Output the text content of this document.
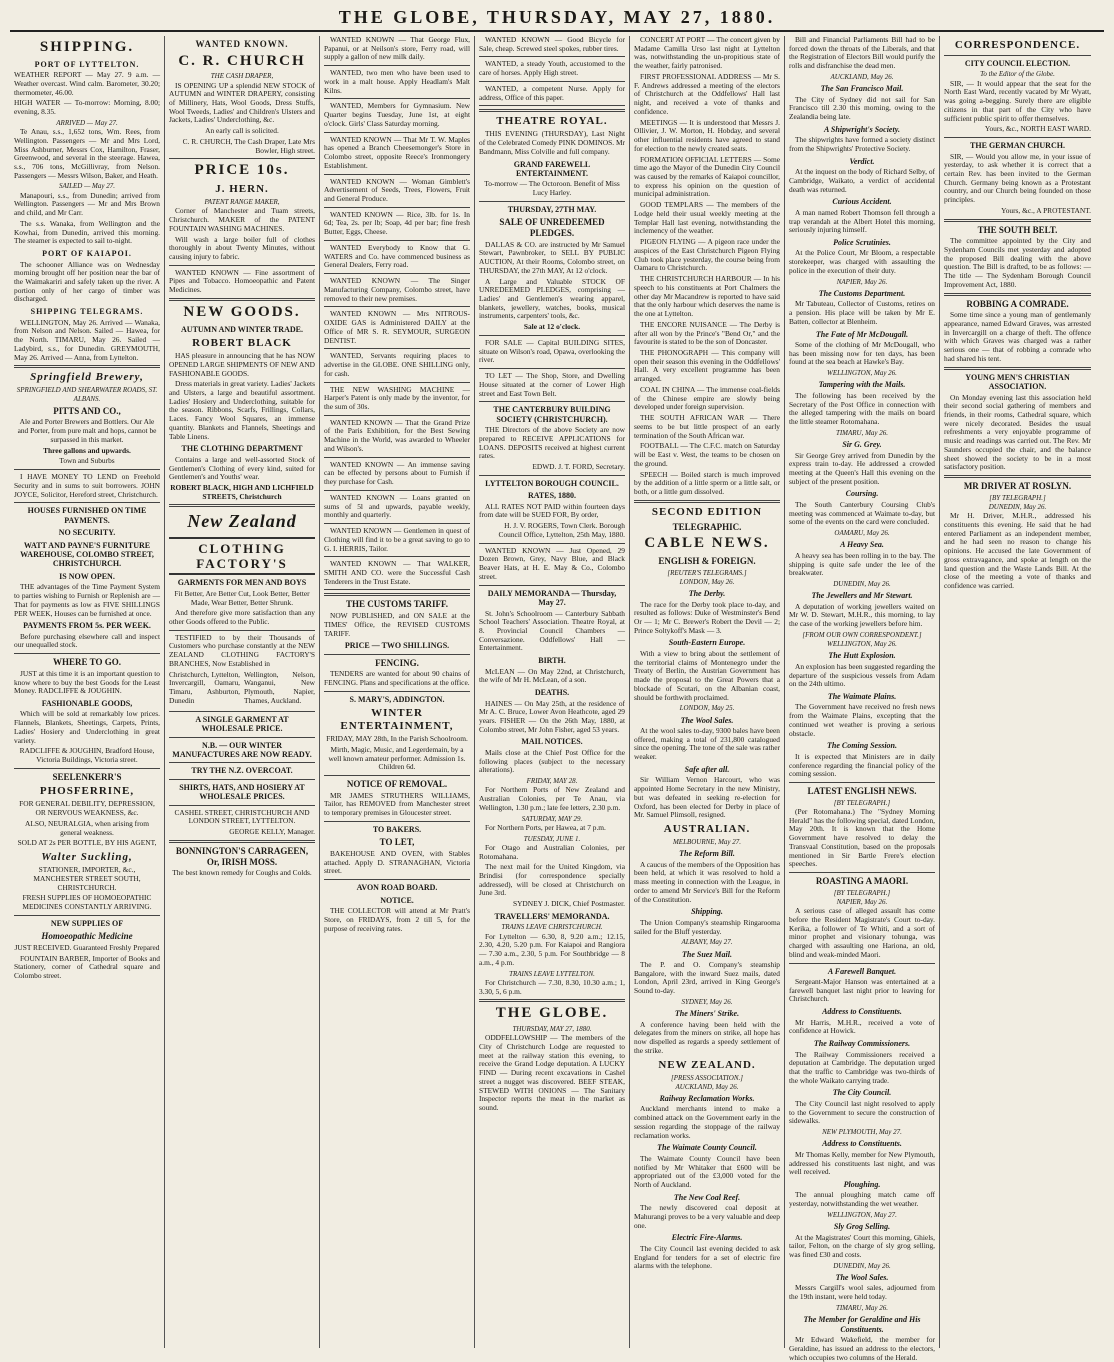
THE GLOBE, THURSDAY, MAY 27, 1880.
SHIPPING.
PORT OF LYTTELTON.

WEATHER REPORT — May 27. 9 a.m. — Weather overcast. Wind calm. Barometer, 30.20; thermometer, 46.00.

HIGH WATER — To-morrow: Morning, 8.00; evening, 8.35.

ARRIVED — May 27.

Te Anau, s.s., 1,652 tons, Wm. Rees, from Wellington. Passengers — Mr and Mrs Lord, Miss Ashburner, Messrs Cox, Hamilton, Fraser, Greenwood, and several in the steerage. Hawea, s.s., 706 tons, McGillivray, from Nelson. Passengers — Messrs Wilson, Baker, and Heath.

SAILED — May 27.

Manapouri, s.s., from Dunedin; arrived from Wellington. Passengers — Mr and Mrs Brown and child, and Mr Carr.

The s.s. Wanaka, from Wellington and the Kowhai, from Dunedin, arrived this morning. The steamer is expected to sail to-night.

PORT OF KAIAPOI.

The schooner Alliance was on Wednesday morning brought off her position near the bar of the Waimakariri and safely taken up the river. A portion only of her cargo of timber was discharged.

SHIPPING TELEGRAMS.

WELLINGTON, May 26. Arrived — Wanaka, from Nelson and Nelson. Sailed — Hawea, for the North. TIMARU, May 26. Sailed — Ladybird, s.s., for Dunedin. GREYMOUTH, May 26. Arrived — Anna, from Lyttelton.

Springfield Brewery,
SPRINGFIELD AND SHEARWATER ROADS, ST. ALBANS.
PITTS AND CO.,

Ale and Porter Brewers and Bottlers. Our Ale and Porter, from pure malt and hops, cannot be surpassed in this market.

Three gallons and upwards.

Town and Suburbs

I HAVE MONEY TO LEND on Freehold Security and in sums to suit borrowers. JOHN JOYCE, Solicitor, Hereford street, Christchurch.

HOUSES FURNISHED ON TIME PAYMENTS.
NO SECURITY.
WATT AND PAYNE'S FURNITURE WAREHOUSE, COLOMBO STREET, CHRISTCHURCH.
IS NOW OPEN.

THE advantages of the Time Payment System to parties wishing to Furnish or Replenish are — That for payments as low as FIVE SHILLINGS PER WEEK, Houses can be furnished at once.

PAYMENTS FROM 5s. PER WEEK.

Before purchasing elsewhere call and inspect our unequalled stock.

WHERE TO GO.

JUST at this time it is an important question to know where to buy the best Goods for the Least Money. RADCLIFFE & JOUGHIN.

FASHIONABLE GOODS,

Which will be sold at remarkably low prices. Flannels, Blankets, Sheetings, Carpets, Prints, Ladies' Hosiery and Underclothing in great variety.

RADCLIFFE & JOUGHIN, Bradford House, Victoria Buildings, Victoria street.

SEELENKERR'S
PHOSFERRINE,

FOR GENERAL DEBILITY, DEPRESSION, OR NERVOUS WEAKNESS, &c.

ALSO, NEURALGIA, when arising from general weakness.

SOLD AT 2s PER BOTTLE, BY HIS AGENT,

Walter Suckling,

STATIONER, IMPORTER, &c., MANCHESTER STREET SOUTH, CHRISTCHURCH.

FRESH SUPPLIES OF HOMOEOPATHIC MEDICINES CONSTANTLY ARRIVING.

NEW SUPPLIES OF
Homoeopathic Medicine

JUST RECEIVED. Guaranteed Freshly Prepared

FOUNTAIN BARBER, Importer of Books and Stationery, corner of Cathedral square and Colombo street.

WANTED KNOWN.
C. R. CHURCH
THE CASH DRAPER,

IS OPENING UP a splendid NEW STOCK of AUTUMN and WINTER DRAPERY, consisting of Millinery, Hats, Wool Goods, Dress Stuffs, Wool Tweeds, Ladies' and Children's Ulsters and Jackets, Ladies' Underclothing, &c.

An early call is solicited.

C. R. CHURCH, The Cash Draper, Late Mrs Bowler, High street.

PRICE 10s.
J. HERN.
PATENT RANGE MAKER,

Corner of Manchester and Tuam streets, Christchurch. MAKER of the PATENT FOUNTAIN WASHING MACHINES.

Will wash a large boiler full of clothes thoroughly in about Twenty Minutes, without causing injury to fabric.

WANTED KNOWN — Fine assortment of Pipes and Tobacco. Homoeopathic and Patent Medicines.

NEW GOODS.
AUTUMN AND WINTER TRADE.
ROBERT BLACK

HAS pleasure in announcing that he has NOW OPENED LARGE SHIPMENTS OF NEW AND FASHIONABLE GOODS.

Dress materials in great variety. Ladies' Jackets and Ulsters, a large and beautiful assortment. Ladies' Hosiery and Underclothing, suitable for the season. Ribbons, Scarfs, Frillings, Collars, Laces. Fancy Wool Squares, an immense quantity. Blankets and Flannels, Sheetings and Table Linens.

THE CLOTHING DEPARTMENT

Contains a large and well-assorted Stock of Gentlemen's Clothing of every kind, suited for Gentlemen's and Youths' wear.

ROBERT BLACK, HIGH AND LICHFIELD STREETS, Christchurch

New Zealand
CLOTHING FACTORY'S
GARMENTS FOR MEN AND BOYS

Fit Better, Are Better Cut, Look Better, Better Made, Wear Better, Better Shrunk.

And therefore give more satisfaction than any other Goods offered to the Public.

TESTIFIED to by their Thousands of Customers who purchase constantly at the NEW ZEALAND CLOTHING FACTORY'S BRANCHES, Now Established in

Christchurch, Lyttelton, Invercargill, Oamaru, Timaru, Ashburton, Dunedin

Wellington, Nelson, Wanganui, New Plymouth, Napier, Thames, Auckland.

A SINGLE GARMENT AT WHOLESALE PRICE.
N.B. — OUR WINTER MANUFACTURES ARE NOW READY.
TRY THE N.Z. OVERCOAT.
SHIRTS, HATS, AND HOSIERY AT WHOLESALE PRICES.

CASHEL STREET, CHRISTCHURCH AND LONDON STREET, LYTTELTON.

GEORGE KELLY, Manager.

BONNINGTON'S CARRAGEEN, Or, IRISH MOSS.

The best known remedy for Coughs and Colds.

WANTED KNOWN — That George Flux, Papanui, or at Neilson's store, Ferry road, will supply a gallon of new milk daily.

WANTED, two men who have been used to work in a malt house. Apply Headlam's Malt Kilns.

WANTED, Members for Gymnasium. New Quarter begins Tuesday, June 1st, at eight o'clock. Girls' Class Saturday morning.

WANTED KNOWN — That Mr T. W. Maples has opened a Branch Cheesemonger's Store in Colombo street, opposite Reece's Ironmongery Establishment.

WANTED KNOWN — Woman Gimblett's Advertisement of Seeds, Trees, Flowers, Fruit and General Produce.

WANTED KNOWN — Rice, 3lb. for 1s. In 6d; Tea, 2s. per lb; Soap, 4d per bar; fine fresh Butter, Eggs, Cheese.

WANTED Everybody to Know that G. WATERS and Co. have commenced business as General Dealers, Ferry road.

WANTED KNOWN — The Singer Manufacturing Company, Colombo street, have removed to their new premises.

WANTED KNOWN — Mrs NITROUS-OXIDE GAS is Administered DAILY at the Office of MR S. R. SEYMOUR, SURGEON DENTIST.

WANTED, Servants requiring places to advertise in the GLOBE. ONE SHILLING only, for cash.

THE NEW WASHING MACHINE — Harper's Patent is only made by the inventor, for the sum of 30s.

WANTED KNOWN — That the Grand Prize of the Paris Exhibition, for the Best Sewing Machine in the World, was awarded to Wheeler and Wilson's.

WANTED KNOWN — An immense saving can be effected by persons about to Furnish if they purchase for Cash.

WANTED KNOWN — Loans granted on sums of 5l and upwards, payable weekly, monthly and quarterly.

WANTED KNOWN — Gentlemen in quest of Clothing will find it to be a great saving to go to G. I. HERRIS, Tailor.

WANTED KNOWN — That WALKER, SMITH AND CO. were the Successful Cash Tenderers in the Trust Estate.

THE CUSTOMS TARIFF.

NOW PUBLISHED, and ON SALE at the TIMES' Office, the REVISED CUSTOMS TARIFF.

PRICE — TWO SHILLINGS.
FENCING.

TENDERS are wanted for about 90 chains of FENCING. Plans and specifications at the office.

S. MARY'S, ADDINGTON.
WINTER ENTERTAINMENT,

FRIDAY, MAY 28th, In the Parish Schoolroom.

Mirth, Magic, Music, and Legerdemain, by a well known amateur performer. Admission 1s. Children 6d.

NOTICE OF REMOVAL.

MR JAMES STRUTHERS WILLIAMS, Tailor, has REMOVED from Manchester street to temporary premises in Gloucester street.

TO BAKERS.
TO LET,

BAKEHOUSE AND OVEN, with Stables attached. Apply D. STRANAGHAN, Victoria street.

AVON ROAD BOARD.
NOTICE.

THE COLLECTOR will attend at Mr Pratt's Store, on FRIDAYS, from 2 till 5, for the purpose of receiving rates.

WANTED KNOWN — Good Bicycle for Sale, cheap. Screwed steel spokes, rubber tires.

WANTED, a steady Youth, accustomed to the care of horses. Apply High street.

WANTED, a competent Nurse. Apply for address, Office of this paper.

THEATRE ROYAL.

THIS EVENING (THURSDAY), Last Night of the Celebrated Comedy PINK DOMINOS. Mr Bandmann, Miss Colville and full company.

GRAND FAREWELL ENTERTAINMENT.

To-morrow — The Octoroon. Benefit of Miss Lucy Harley.

THURSDAY, 27TH MAY.
SALE OF UNREDEEMED PLEDGES.

DALLAS & CO. are instructed by Mr Samuel Stewart, Pawnbroker, to SELL BY PUBLIC AUCTION, At their Rooms, Colombo street, on THURSDAY, the 27th MAY, At 12 o'clock.

A Large and Valuable STOCK OF UNREDEEMED PLEDGES, comprising — Ladies' and Gentlemen's wearing apparel, blankets, jewellery, watches, books, musical instruments, carpenters' tools, &c.

Sale at 12 o'clock.

FOR SALE — Capital BUILDING SITES, situate on Wilson's road, Opawa, overlooking the river.

TO LET — The Shop, Store, and Dwelling House situated at the corner of Lower High street and East Town Belt.

THE CANTERBURY BUILDING SOCIETY (CHRISTCHURCH).

THE Directors of the above Society are now prepared to RECEIVE APPLICATIONS for LOANS. DEPOSITS received at highest current rates.

EDWD. J. T. FORD, Secretary.

LYTTELTON BOROUGH COUNCIL.
RATES, 1880.

ALL RATES NOT PAID within fourteen days from date will be SUED FOR, By order,

H. J. V. ROGERS, Town Clerk. Borough Council Office, Lyttelton, 25th May, 1880.

WANTED KNOWN — Just Opened, 29 Dozen Brown, Grey, Navy Blue, and Black Beaver Hats, at H. E. May & Co., Colombo street.

DAILY MEMORANDA — Thursday, May 27.

St. John's Schoolroom — Canterbury Sabbath School Teachers' Association. Theatre Royal, at 8. Provincial Council Chambers — Conversazione. Oddfellows' Hall — Entertainment.

BIRTH.

McLEAN — On May 22nd, at Christchurch, the wife of Mr H. McLean, of a son.

DEATHS.

HAINES — On May 25th, at the residence of Mr A. C. Bruce, Lower Avon Heathcote, aged 29 years. FISHER — On the 26th May, 1880, at Colombo street, Mr John Fisher, aged 53 years.

MAIL NOTICES.

Mails close at the Chief Post Office for the following places (subject to the necessary alterations).

FRIDAY, MAY 28.

For Northern Ports of New Zealand and Australian Colonies, per Te Anau, via Wellington, 1.30 p.m.; late fee letters, 2.30 p.m.

SATURDAY, MAY 29.

For Northern Ports, per Hawea, at 7 p.m.

TUESDAY, JUNE 1.

For Otago and Australian Colonies, per Rotomahana.

The next mail for the United Kingdom, via Brindisi (for correspondence specially addressed), will be closed at Christchurch on June 3rd.

SYDNEY J. DICK, Chief Postmaster.

TRAVELLERS' MEMORANDA.
TRAINS LEAVE CHRISTCHURCH.

For Lyttelton — 6.30, 8, 9.20 a.m.; 12.15, 2.30, 4.20, 5.20 p.m. For Kaiapoi and Rangiora — 7.30 a.m., 2.30, 5 p.m. For Southbridge — 8 a.m., 4 p.m.

TRAINS LEAVE LYTTELTON.

For Christchurch — 7.30, 8.30, 10.30 a.m.; 1, 3.30, 5, 6 p.m.

THE GLOBE.
THURSDAY, MAY 27, 1880.

ODDFELLOWSHIP — The members of the City of Christchurch Lodge are requested to meet at the railway station this evening, to receive the Grand Lodge deputation. A LUCKY FIND — During recent excavations in Cashel street a nugget was discovered. BEEF STEAK, STEWED WITH ONIONS — The Sanitary Inspector reports the meat in the market as sound.

CONCERT AT PORT — The concert given by Madame Camilla Urso last night at Lyttelton was, notwithstanding the un-propitious state of the weather, fairly patronised.

FIRST PROFESSIONAL ADDRESS — Mr S. F. Andrews addressed a meeting of the electors of Christchurch at the Oddfellows' Hall last night, and received a vote of thanks and confidence.

MEETINGS — It is understood that Messrs J. Ollivier, J. W. Morton, H. Hobday, and several other influential residents have agreed to stand for election to the newly created seats.

FORMATION OFFICIAL LETTERS — Some time ago the Mayor of the Dunedin City Council was caused by the remarks of Kaiapoi councillor, to express his opinion on the question of municipal administration.

GOOD TEMPLARS — The members of the Lodge held their usual weekly meeting at the Templar Hall last evening, notwithstanding the inclemency of the weather.

PIGEON FLYING — A pigeon race under the auspices of the East Christchurch Pigeon Flying Club took place yesterday, the course being from Oamaru to Christchurch.

THE CHRISTCHURCH HARBOUR — In his speech to his constituents at Port Chalmers the other day Mr Macandrew is reported to have said that the only harbour which deserves the name is the one at Lyttelton.

THE ENCORE NUISANCE — The Derby is after all won by the Prince's "Bend Or," and the favourite is stated to be the son of Doncaster.

THE PHONOGRAPH — This company will open their season this evening in the Oddfellows' Hall. A very excellent programme has been arranged.

COAL IN CHINA — The immense coal-fields of the Chinese empire are slowly being developed under foreign supervision.

THE SOUTH AFRICAN WAR — There seems to be but little prospect of an early termination of the South African war.

FOOTBALL — The C.F.C. match on Saturday will be East v. West, the teams to be chosen on the ground.

SPEECH — Boiled starch is much improved by the addition of a little sperm or a little salt, or both, or a little gum dissolved.

SECOND EDITION
TELEGRAPHIC.
CABLE NEWS.
ENGLISH & FOREIGN.
[REUTER'S TELEGRAMS.]
LONDON, May 26.
The Derby.

The race for the Derby took place to-day, and resulted as follows: Duke of Westminster's Bend Or — 1; Mr C. Brewer's Robert the Devil — 2; Prince Soltykoff's Mask — 3.

South-Eastern Europe.

With a view to bring about the settlement of the territorial claims of Montenegro under the Treaty of Berlin, the Austrian Government has made the proposal to the Great Powers that a blockade of Scutari, on the Albanian coast, should be forthwith proclaimed.

LONDON, May 25.
The Wool Sales.

At the wool sales to-day, 9300 bales have been offered, making a total of 231,800 catalogued since the opening. The tone of the sale was rather weaker.

Safe after all.

Sir William Vernon Harcourt, who was appointed Home Secretary in the new Ministry, but was defeated in seeking re-election for Oxford, has been elected for Derby in place of Mr. Samuel Plimsoll, resigned.

AUSTRALIAN.
MELBOURNE, May 27.
The Reform Bill.

A caucus of the members of the Opposition has been held, at which it was resolved to hold a mass meeting in connection with the League, in order to amend Mr Service's Bill for the Reform of the Constitution.

Shipping.

The Union Company's steamship Ringarooma sailed for the Bluff yesterday.

ALBANY, May 27.
The Suez Mail.

The P. and O. Company's steamship Bangalore, with the inward Suez mails, dated London, April 23rd, arrived in King George's Sound to-day.

SYDNEY, May 26.
The Miners' Strike.

A conference having been held with the delegates from the miners on strike, all hope has now dispelled as regards a speedy settlement of the strike.

NEW ZEALAND.
[PRESS ASSOCIATION.]
AUCKLAND, May 26.
Railway Reclamation Works.

Auckland merchants intend to make a combined attack on the Government early in the session regarding the stoppage of the railway reclamation works.

The Waimate County Council.

The Waimate County Council have been notified by Mr Whitaker that £600 will be appropriated out of the £3,000 voted for the North of Auckland.

The New Coal Reef.

The newly discovered coal deposit at Mahurangi proves to be a very valuable and deep one.

Electric Fire-Alarms.

The City Council last evening decided to ask England for tenders for a set of electric fire alarms with the telephone.

Bill and Financial Parliaments Bill had to be forced down the throats of the Liberals, and that the Registration of Electors Bill would purify the rolls and disfranchise the dead men.

AUCKLAND, May 26.
The San Francisco Mail.

The City of Sydney did not sail for San Francisco till 2.30 this morning, owing to the Zealandia being late.

A Shipwright's Society.

The shipwrights have formed a society distinct from the Shipwrights' Protective Society.

Verdict.

At the inquest on the body of Richard Selby, of Cambridge, Waikato, a verdict of accidental death was returned.

Curious Accident.

A man named Robert Thomson fell through a trap verandah at the Albert Hotel this morning, seriously injuring himself.

Police Scrutinies.

At the Police Court, Mr Bloom, a respectable storekeeper, was charged with assaulting the police in the execution of their duty.

NAPIER, May 26.
The Customs Department.

Mr Tabuteau, Collector of Customs, retires on a pension. His place will be taken by Mr E. Batten, collector at Blenheim.

The Fate of Mr McDougall.

Some of the clothing of Mr McDougall, who has been missing now for ten days, has been found at the sea beach at Hawke's Bay.

WELLINGTON, May 26.
Tampering with the Mails.

The following has been received by the Secretary of the Post Office in connection with the alleged tampering with the mails on board the little steamer Rotomahana.

TIMARU, May 26.
Sir G. Grey.

Sir George Grey arrived from Dunedin by the express train to-day. He addressed a crowded meeting at the Queen's Hall this evening on the subject of the present position.

Coursing.

The South Canterbury Coursing Club's meeting was commenced at Waimate to-day, but some of the events on the card were concluded.

OAMARU, May 26.
A Heavy Sea.

A heavy sea has been rolling in to the bay. The shipping is quite safe under the lee of the breakwater.

DUNEDIN, May 26.
The Jewellers and Mr Stewart.

A deputation of working jewellers waited on Mr W. D. Stewart, M.H.R., this morning, to lay the case of the working jewellers before him.

[FROM OUR OWN CORRESPONDENT.]
WELLINGTON, May 26.
The Hutt Explosion.

An explosion has been suggested regarding the departure of the suspicious vessels from Adam on the 24th ultimo.

The Waimate Plains.

The Government have received no fresh news from the Waimate Plains, excepting that the continued wet weather is proving a serious obstacle.

The Coming Session.

It is expected that Ministers are in daily conference regarding the financial policy of the coming session.

LATEST ENGLISH NEWS.
[BY TELEGRAPH.]

(Per Rotomahana.) The "Sydney Morning Herald" has the following special, dated London, May 20th. It is known that the Home Government have resolved to delay the Transvaal Constitution, based on the proposals mentioned in Sir Bartle Frere's election speeches.

ROASTING A MAORI.
[BY TELEGRAPH.]
NAPIER, May 26.

A serious case of alleged assault has come before the Resident Magistrate's Court to-day. Kerika, a follower of Te Whiti, and a sort of minor prophet and visionary tohunga, was charged with assaulting one Hariona, an old, blind and weak-minded Maori.

A Farewell Banquet.

Sergeant-Major Hanson was entertained at a farewell banquet last night prior to leaving for Christchurch.

Address to Constituents.

Mr Harris, M.H.R., received a vote of confidence at Howick.

The Railway Commissioners.

The Railway Commissioners received a deputation at Cambridge. The deputation urged that the traffic to Cambridge was two-thirds of the whole Waikato carrying trade.

The City Council.

The City Council last night resolved to apply to the Government to secure the construction of sidewalks.

NEW PLYMOUTH, May 27.
Address to Constituents.

Mr Thomas Kelly, member for New Plymouth, addressed his constituents last night, and was well received.

Ploughing.

The annual ploughing match came off yesterday, notwithstanding the wet weather.

WELLINGTON, May 27.
Sly Grog Selling.

At the Magistrates' Court this morning, Ghiels, tailor, Felton, on the charge of sly grog selling, was fined £30 and costs.

DUNEDIN, May 26.
The Wool Sales.

Messrs Cargill's wool sales, adjourned from the 19th instant, were held today.

TIMARU, May 26.
The Member for Geraldine and His Constituents.

Mr Edward Wakefield, the member for Geraldine, has issued an address to the electors, which occupies two columns of the Herald.

CORRESPONDENCE.
CITY COUNCIL ELECTION.
To the Editor of the Globe.

SIR, — It would appear that the seat for the North East Ward, recently vacated by Mr Wyatt, was going a-begging. Surely there are eligible citizens in that part of the City who have sufficient public spirit to offer themselves.

Yours, &c., NORTH EAST WARD.

THE GERMAN CHURCH.

SIR, — Would you allow me, in your issue of yesterday, to ask whether it is correct that a certain Rev. has been invited to the German Church. Germany being known as a Protestant country, and our Church being founded on those principles.

Yours, &c., A PROTESTANT.

THE SOUTH BELT.

The committee appointed by the City and Sydenham Councils met yesterday and adopted the proposed Bill dealing with the above question. The Bill is drafted, to be as follows: — The title — The Sydenham Borough Council Improvement Act, 1880.

ROBBING A COMRADE.

Some time since a young man of gentlemanly appearance, named Edward Graves, was arrested in Invercargill on a charge of theft. The offence with which Graves was charged was a rather serious one — that of robbing a comrade who had shared his tent.

YOUNG MEN'S CHRISTIAN ASSOCIATION.

On Monday evening last this association held their second social gathering of members and friends, in their rooms, Cathedral square, which were nicely decorated. Besides the usual refreshments a very enjoyable programme of music and readings was carried out. The Rev. Mr Saunders occupied the chair, and the balance sheet showed the society to be in a most satisfactory position.

MR DRIVER AT ROSLYN.
[BY TELEGRAPH.]
DUNEDIN, May 26.

Mr H. Driver, M.H.R., addressed his constituents this evening. He said that he had entered Parliament as an independent member, and he had seen no reason to change his opinions. He accused the late Government of gross extravagance, and spoke at length on the land question and the Waste Lands Bill. At the close of the meeting a vote of thanks and confidence was carried.
